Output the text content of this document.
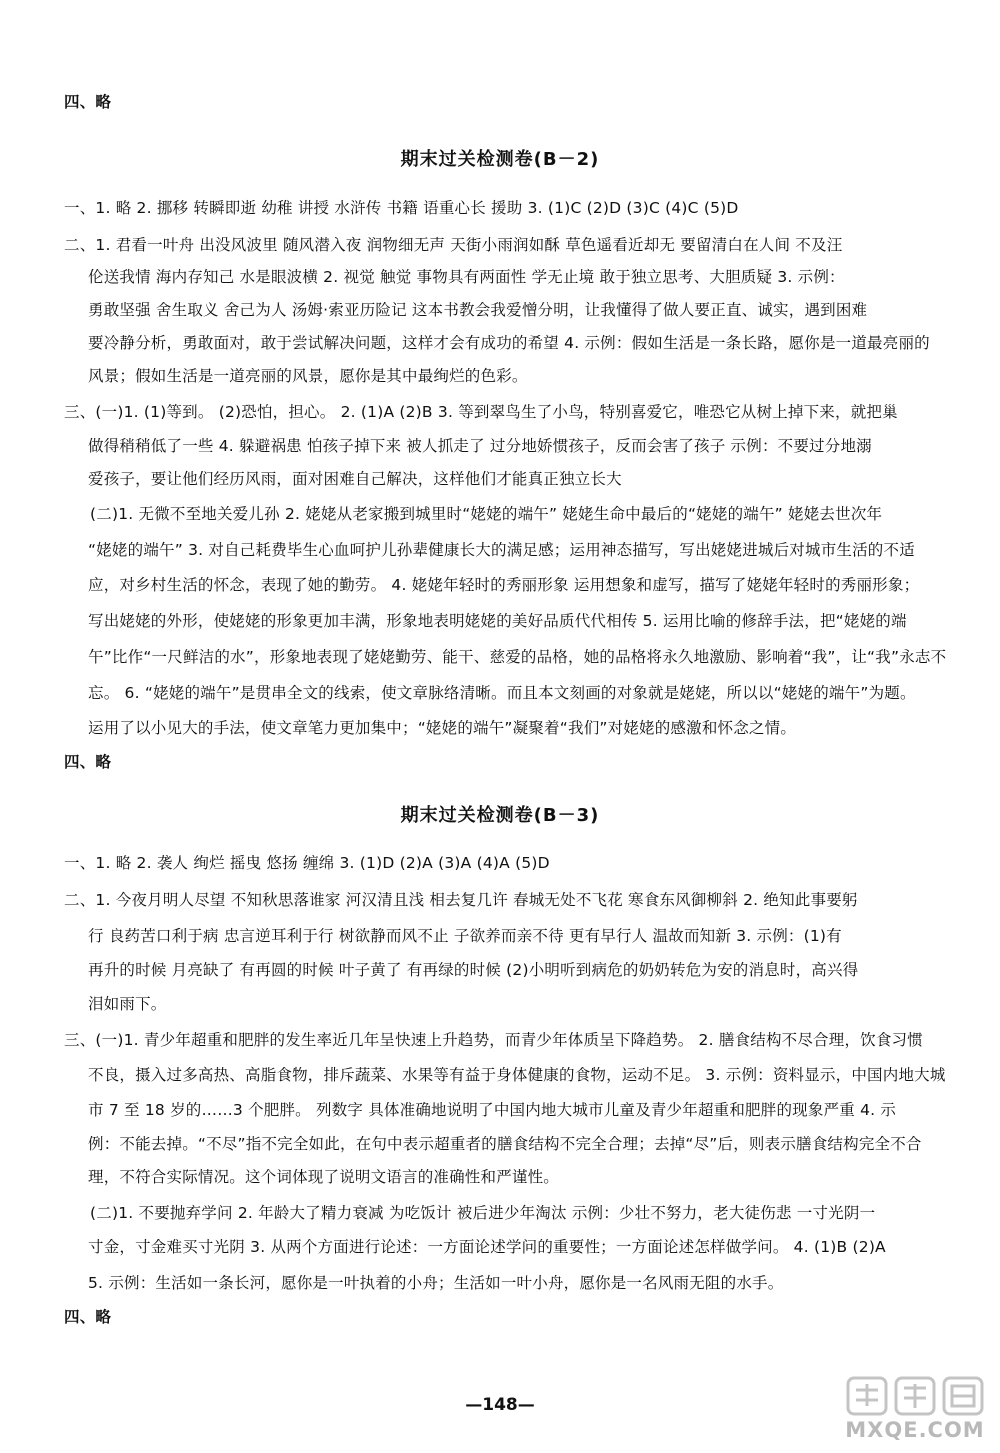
四、略
期末过关检测卷(B－2)
一、1. 略 2. 挪移 转瞬即逝 幼稚 讲授 水浒传 书籍 语重心长 援助 3. (1)C (2)D (3)C (4)C (5)D
二、1. 君看一叶舟 出没风波里 随风潜入夜 润物细无声 天街小雨润如酥 草色遥看近却无 要留清白在人间 不及汪
伦送我情 海内存知己 水是眼波横 2. 视觉 触觉 事物具有两面性 学无止境 敢于独立思考、大胆质疑 3. 示例：
勇敢坚强 舍生取义 舍己为人 汤姆·索亚历险记 这本书教会我爱憎分明，让我懂得了做人要正直、诚实，遇到困难
要冷静分析，勇敢面对，敢于尝试解决问题，这样才会有成功的希望 4. 示例：假如生活是一条长路，愿你是一道最亮丽的
风景；假如生活是一道亮丽的风景，愿你是其中最绚烂的色彩。
三、(一)1. (1)等到。 (2)恐怕，担心。 2. (1)A (2)B 3. 等到翠鸟生了小鸟，特别喜爱它，唯恐它从树上掉下来，就把巢
做得稍稍低了一些 4. 躲避祸患 怕孩子掉下来 被人抓走了 过分地娇惯孩子，反而会害了孩子 示例：不要过分地溺
爱孩子，要让他们经历风雨，面对困难自己解决，这样他们才能真正独立长大
(二)1. 无微不至地关爱儿孙 2. 姥姥从老家搬到城里时“姥姥的端午” 姥姥生命中最后的“姥姥的端午” 姥姥去世次年
“姥姥的端午” 3. 对自己耗费毕生心血呵护儿孙辈健康长大的满足感；运用神态描写，写出姥姥进城后对城市生活的不适
应，对乡村生活的怀念，表现了她的勤劳。 4. 姥姥年轻时的秀丽形象 运用想象和虚写，描写了姥姥年轻时的秀丽形象；
写出姥姥的外形，使姥姥的形象更加丰满，形象地表明姥姥的美好品质代代相传 5. 运用比喻的修辞手法，把“姥姥的端
午”比作“一尺鲜洁的水”，形象地表现了姥姥勤劳、能干、慈爱的品格，她的品格将永久地激励、影响着“我”，让“我”永志不
忘。 6. “姥姥的端午”是贯串全文的线索，使文章脉络清晰。而且本文刻画的对象就是姥姥，所以以“姥姥的端午”为题。
运用了以小见大的手法，使文章笔力更加集中；“姥姥的端午”凝聚着“我们”对姥姥的感激和怀念之情。
四、略
期末过关检测卷(B－3)
一、1. 略 2. 袭人 绚烂 摇曳 悠扬 缠绵 3. (1)D (2)A (3)A (4)A (5)D
二、1. 今夜月明人尽望 不知秋思落谁家 河汉清且浅 相去复几许 春城无处不飞花 寒食东风御柳斜 2. 绝知此事要躬
行 良药苦口利于病 忠言逆耳利于行 树欲静而风不止 子欲养而亲不待 更有早行人 温故而知新 3. 示例：(1)有
再升的时候 月亮缺了 有再圆的时候 叶子黄了 有再绿的时候 (2)小明听到病危的奶奶转危为安的消息时，高兴得
泪如雨下。
三、(一)1. 青少年超重和肥胖的发生率近几年呈快速上升趋势，而青少年体质呈下降趋势。 2. 膳食结构不尽合理，饮食习惯
不良，摄入过多高热、高脂食物，排斥蔬菜、水果等有益于身体健康的食物，运动不足。 3. 示例：资料显示，中国内地大城
市 7 至 18 岁的……3 个肥胖。 列数字 具体准确地说明了中国内地大城市儿童及青少年超重和肥胖的现象严重 4. 示
例：不能去掉。“不尽”指不完全如此，在句中表示超重者的膳食结构不完全合理；去掉“尽”后，则表示膳食结构完全不合
理，不符合实际情况。这个词体现了说明文语言的准确性和严谨性。
(二)1. 不要抛弃学问 2. 年龄大了精力衰减 为吃饭计 被后进少年淘汰 示例：少壮不努力，老大徒伤悲 一寸光阴一
寸金，寸金难买寸光阴 3. 从两个方面进行论述：一方面论述学问的重要性；一方面论述怎样做学问。 4. (1)B (2)A
5. 示例：生活如一条长河，愿你是一叶执着的小舟；生活如一叶小舟，愿你是一名风雨无阻的水手。
四、略
—148—
MXQE.COM
